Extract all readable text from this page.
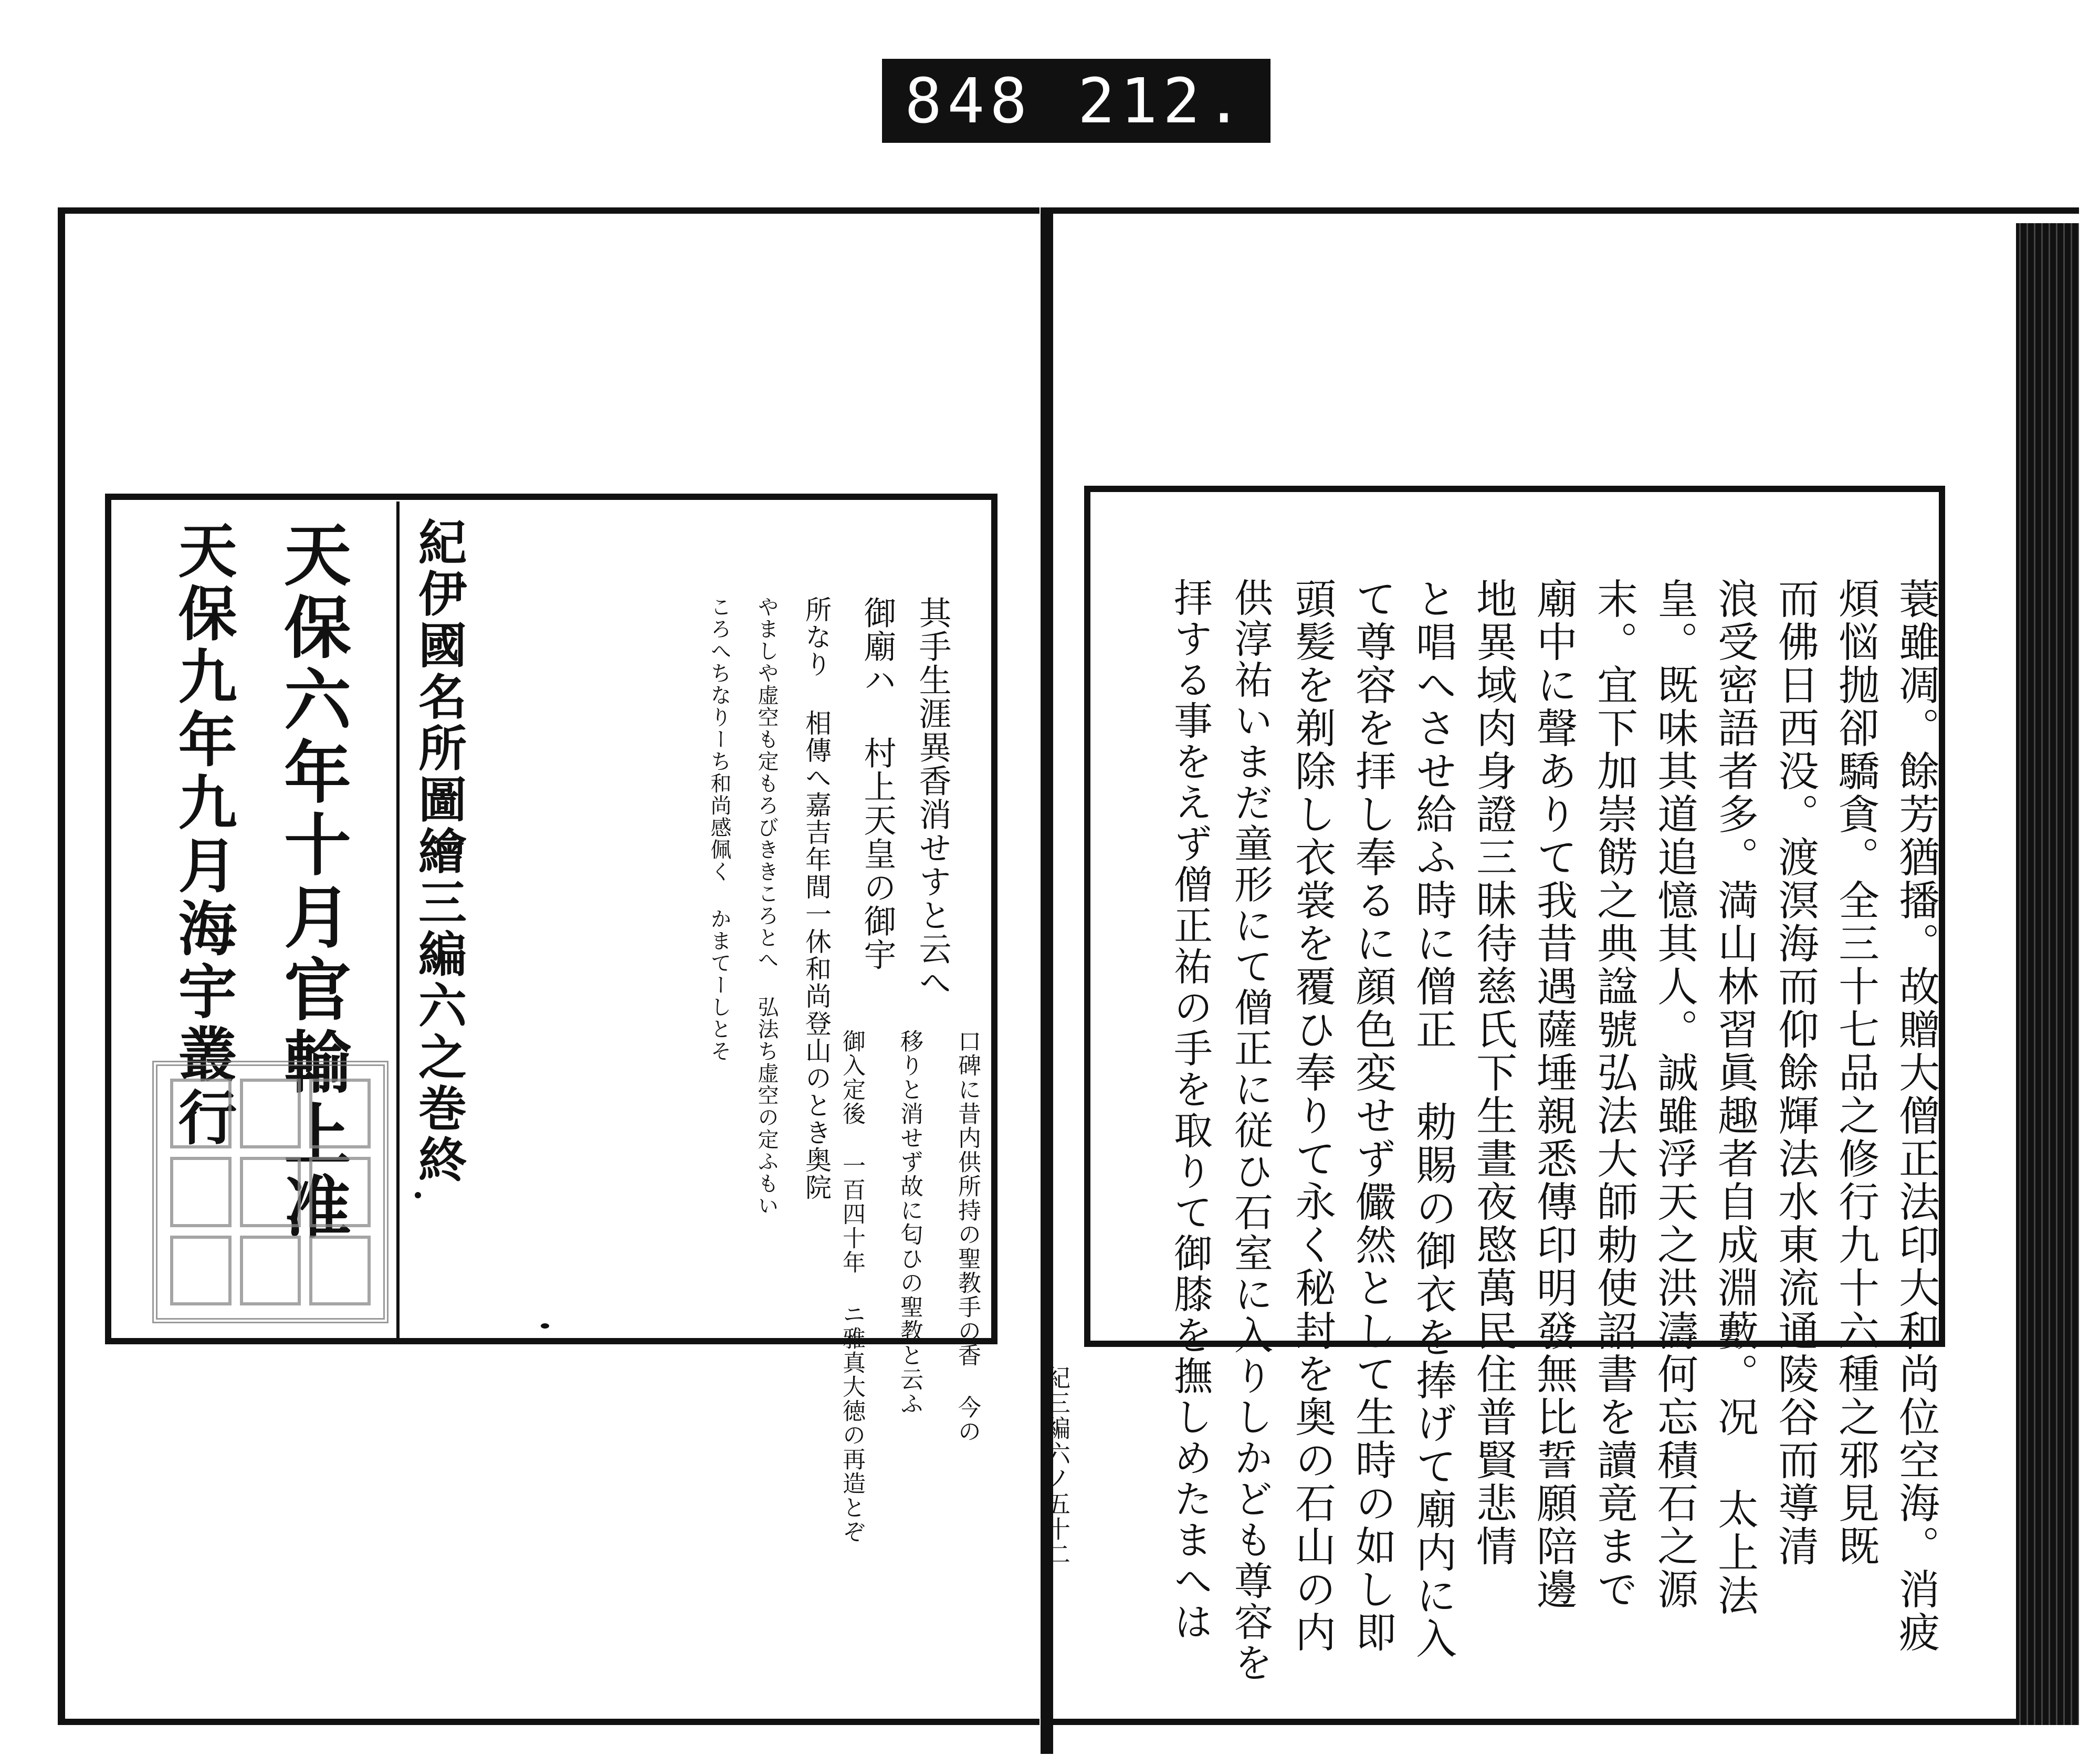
848 212.
紀伊國名所圖繪三編六之巻終
天保六年十月官輸上准
天保九年九月海宇叢行	其手生涯異香消せすと云へ
御廟ハ 村上天皇の御宇
所なり 相傳へ嘉吉年間一休和尚登山のとき奥院
口碑に昔内供所持の聖教手の香 今の
移りと消せず故に匂ひの聖教と云ふ
御入定後 一百四十年 ニ雅真大徳の再造とぞ
やましや虚空も定もろびききころとへ 弘法ち虚空の定ふもい
ころへちなりーち和尚感佩く かまてーしとそ	蓑雖凋。餘芳猶播。故贈大僧正法印大和尚位空海。消疲
煩悩抛卻驕貪。全三十七品之修行九十六種之邪見既
而佛日西没。渡溟海而仰餘輝法水東流通陵谷而導清
浪受密語者多。満山林習眞趣者自成淵藪。况 太上法
皇。既味其道追憶其人。誠雖浮天之洪濤何忘積石之源
末。宜下加崇餝之典諡號弘法大師勅使詔書を讀竟まで
廟中に聲ありて我昔遇薩埵親悉傳印明發無比誓願陪邊
地異域肉身證三昧待慈氏下生晝夜愍萬民住普賢悲情
と唱へさせ給ふ時に僧正 勅賜の御衣を捧げて廟内に入
て尊容を拝し奉るに顔色変せず儼然として生時の如し即
頭髪を剃除し衣裳を覆ひ奉りて永く秘封を奥の石山の内
供淳祐いまだ童形にて僧正に従ひ石室に入りしかども尊容を
拝する事をえず僧正祐の手を取りて御膝を撫しめたまへは
紀三編六ノ五十二
